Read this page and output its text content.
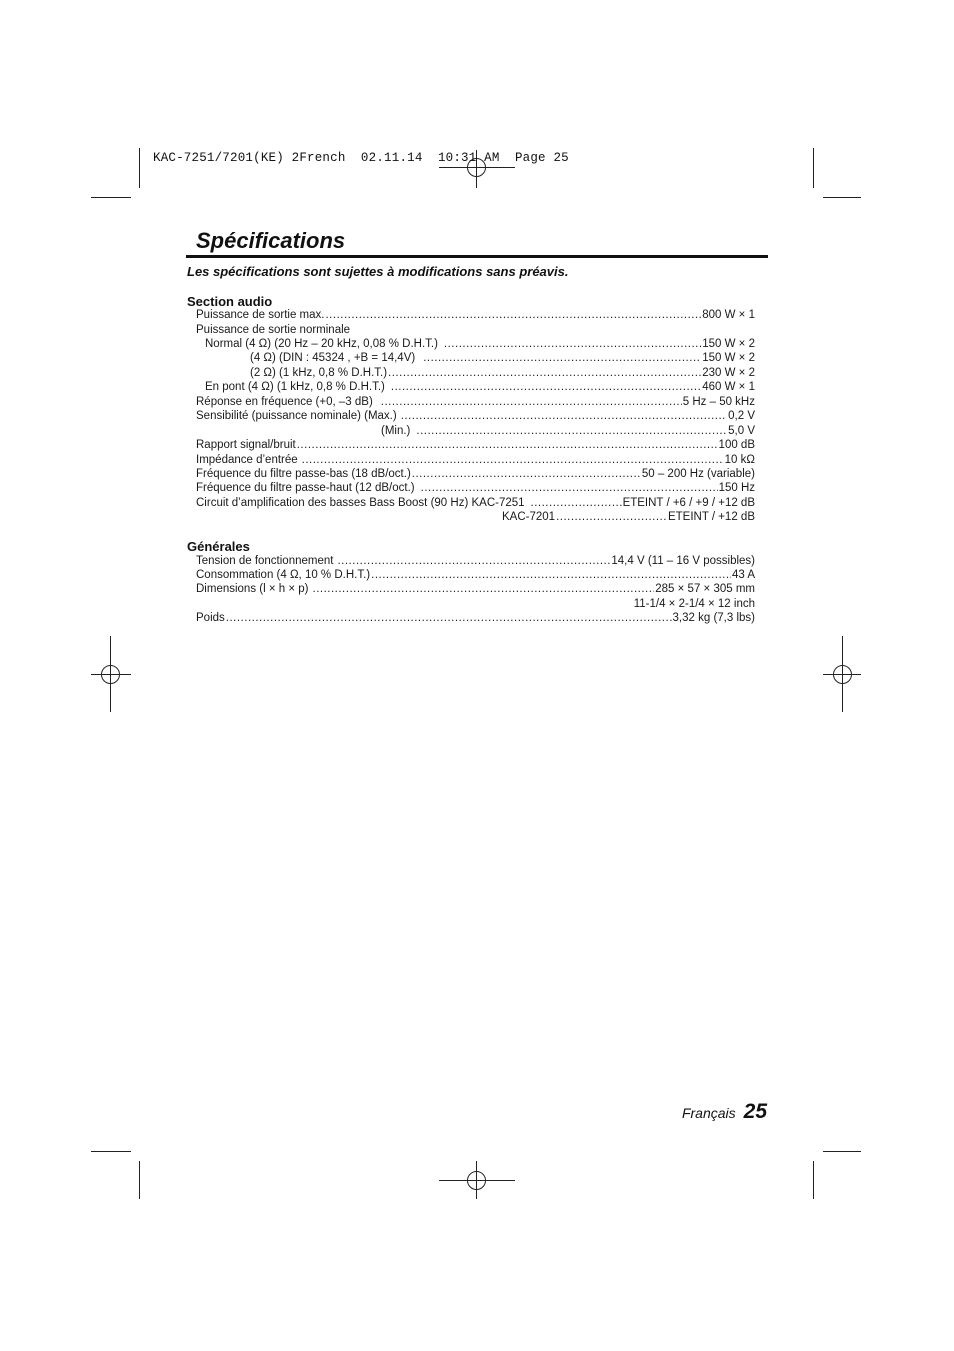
KAC-7251/7201(KE) 2French  02.11.14  10:31 AM  Page 25
Spécifications
Les spécifications sont sujettes à modifications sans préavis.
Section audio
Puissance de sortie max. .....	800 W × 1
Puissance de sortie norminale
Normal (4 Ω) (20 Hz – 20 kHz, 0,08 % D.H.T.) .....	150 W × 2
(4 Ω) (DIN : 45324 , +B = 14,4V) .....	150 W × 2
(2 Ω) (1 kHz, 0,8 % D.H.T.) .....	230 W × 2
En pont (4 Ω) (1 kHz, 0,8 % D.H.T.) .....	460 W × 1
Réponse en fréquence (+0, –3 dB) .....	5 Hz – 50 kHz
Sensibilité (puissance nominale) (Max.) .....	0,2 V
(Min.) .....	5,0 V
Rapport signal/bruit .....	100 dB
Impédance d’entrée .....	10 kΩ
Fréquence du filtre passe-bas (18 dB/oct.) .....	50 – 200 Hz (variable)
Fréquence du filtre passe-haut (12 dB/oct.) .....	150 Hz
Circuit d’amplification des basses Bass Boost (90 Hz) KAC-7251 .....	ETEINT / +6 / +9 / +12 dB
KAC-7201 .....	ETEINT / +12 dB
Générales
Tension de fonctionnement .....	14,4 V (11 – 16 V possibles)
Consommation (4 Ω, 10 % D.H.T.) .....	43 A
Dimensions (l × h × p) .....	285 × 57 × 305 mm
11-1/4 × 2-1/4 × 12 inch
Poids .....	3,32 kg (7,3 lbs)
Français 25
